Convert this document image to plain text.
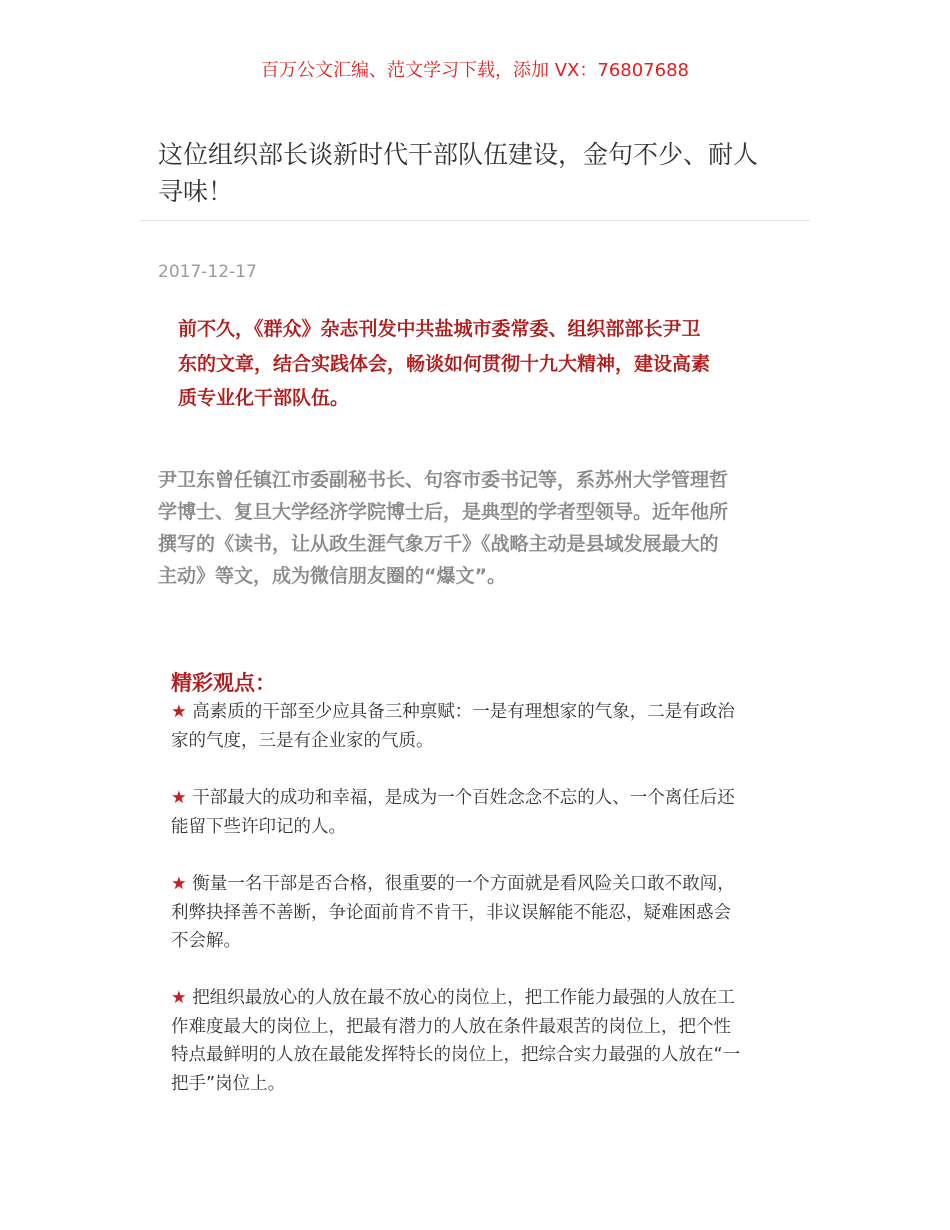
百万公文汇编、范文学习下载，添加 VX：76807688
这位组织部长谈新时代干部队伍建设，金句不少、耐人
寻味！
2017-12-17
前不久，《群众》杂志刊发中共盐城市委常委、组织部部长尹卫
东的文章，结合实践体会，畅谈如何贯彻十九大精神，建设高素
质专业化干部队伍。
尹卫东曾任镇江市委副秘书长、句容市委书记等，系苏州大学管理哲
学博士、复旦大学经济学院博士后，是典型的学者型领导。近年他所
撰写的《读书，让从政生涯气象万千》《战略主动是县域发展最大的
主动》等文，成为微信朋友圈的“爆文”。
精彩观点：
★ 高素质的干部至少应具备三种禀赋：一是有理想家的气象，二是有政治
家的气度，三是有企业家的气质。
★ 干部最大的成功和幸福，是成为一个百姓念念不忘的人、一个离任后还
能留下些许印记的人。
★ 衡量一名干部是否合格，很重要的一个方面就是看风险关口敢不敢闯，
利弊抉择善不善断，争论面前肯不肯干，非议误解能不能忍，疑难困惑会
不会解。
★ 把组织最放心的人放在最不放心的岗位上，把工作能力最强的人放在工
作难度最大的岗位上，把最有潜力的人放在条件最艰苦的岗位上，把个性
特点最鲜明的人放在最能发挥特长的岗位上，把综合实力最强的人放在“一
把手”岗位上。
